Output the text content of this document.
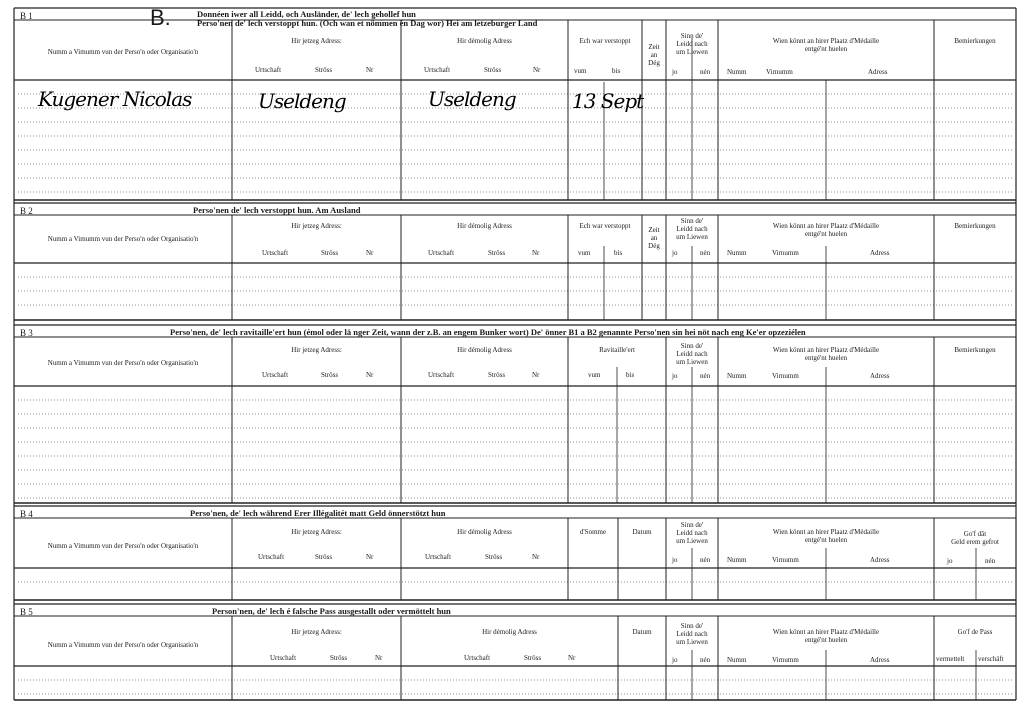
B 1	B.	Donnéen iwer all Leidd, och Ausländer, de' lech gehollef hun
Perso'nen de' lech verstoppt hun. (Och wan et nömmen én Dag wor) Hei am letzeburger Land
Numm a Vimumm vun der Perso'n oder Organisatio'n
Hir jetzeg Adress:
Urtschaft	Ströss	Nr
Hir démolig Adress
Urtschaft	Ströss	Nr
Ech war verstoppt
vum	bis
Zeit
an
Dég
Sinn de'
Leidd nach
um Liewen
jo	nén
Wien könnt an hirer Plaatz d'Médaille
entgé'nt huelen
Numm	Virnumm	Adress
Bemierkungen
Kugener Nicolas	Useldeng	Useldeng	13 Sept
B 2	Perso'nen de' lech verstoppt hun. Am Ausland
Numm a Vimumm vun der Perso'n oder Organisatio'n
Hir jetzeg Adress:
Urtschaft	Ströss	Nr
Hir démolig Adress
Urtschaft	Ströss	Nr
Ech war verstoppt
vum	bis
Zeit
an
Dég
Sinn de'
Leidd nach
um Liewen
jo	nén
Wien könnt an hirer Plaatz d'Médaille
entgé'nt huelen
Numm	Virnumm	Adress
Bemierkungen
B 3	Perso'nen, de' lech ravitaille'ert hun (émol oder lä nger Zeit, wann der z.B. an engem Bunker wort) De' önner B1 a B2 genannte Perso'nen sin hei nöt nach eng Ke'er opzeziélen
Numm a Vimumm vun der Perso'n oder Organisatio'n
Hir jetzeg Adress:
Urtschaft	Ströss	Nr
Hir démolig Adress
Urtschaft	Ströss	Nr
Ravitaille'ert
vum	bis
Sinn de'
Leidd nach
um Liewen
jo	nén
Wien könnt an hirer Plaatz d'Médaille
entgé'nt huelen
Numm	Virnumm	Adress
Bemierkungen
B 4	Perso'nen, de' lech während Erer Illégalitét matt Geld önnerstötzt hun
Numm a Vimumm vun der Perso'n oder Organisatio'n
Hir jetzeg Adress:
Urtschaft	Ströss	Nr
Hir démolig Adress
Urtschaft	Ströss	Nr
d'Somme	Datum
Sinn de'
Leidd nach
um Liewen
jo	nén
Wien könnt an hirer Plaatz d'Médaille
entgé'nt huelen
Numm	Virnumm	Adress
Go'f dât
Geld erem gefrot
jo	nén
B 5	Person'nen, de' lech é falsche Pass ausgestallt oder vermöttelt hun
Numm a Vimumm vun der Perso'n oder Organisatio'n
Hir jetzeg Adress:
Urtschaft	Ströss	Nr
Hir démolig Adress
Urtschaft	Ströss	Nr
Datum
Sinn de'
Leidd nach
um Liewen
jo	nén
Wien könnt an hirer Plaatz d'Médaille
entgé'nt huelen
Numm	Virnumm	Adress
Go'f de Pass
vermettelt verschäft
